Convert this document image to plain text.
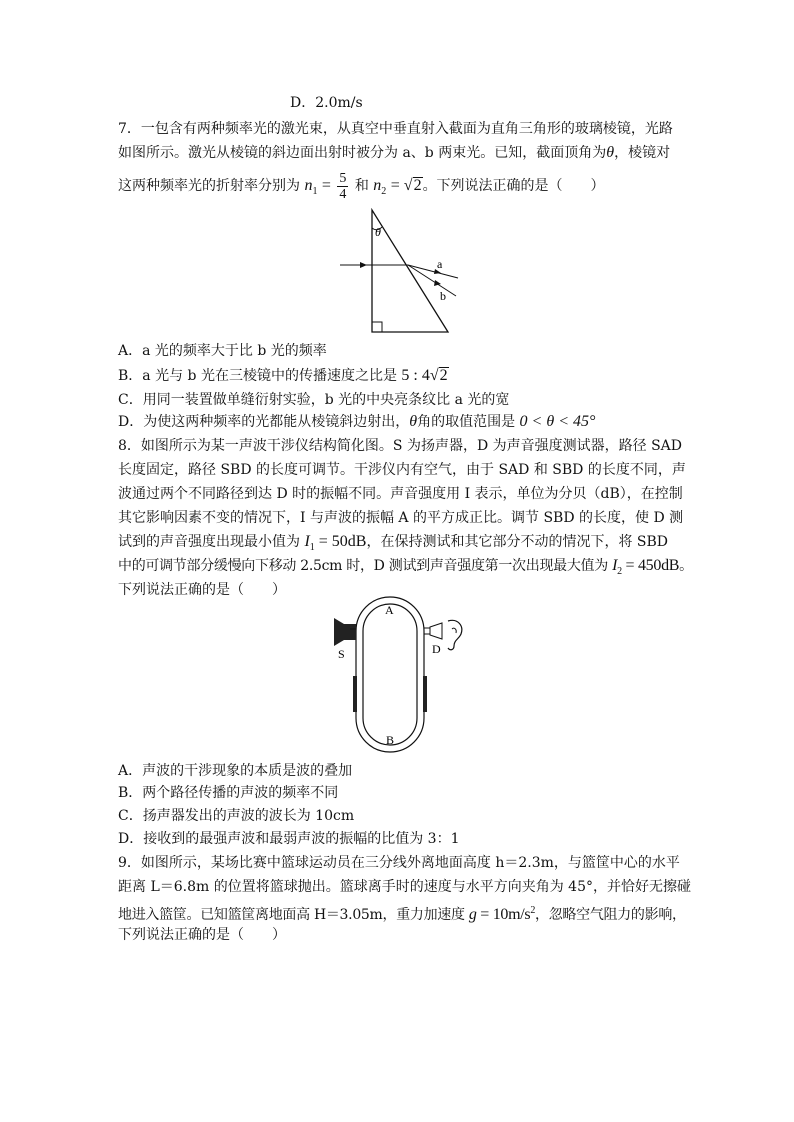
D．2.0m/s
7．一包含有两种频率光的激光束，从真空中垂直射入截面为直角三角形的玻璃棱镜，光路
如图所示。激光从棱镜的斜边面出射时被分为 a、b 两束光。已知，截面顶角为θ，棱镜对
这两种频率光的折射率分别为 $n_1 = \frac{5}{4}$ 和 $n_2 = √2$。下列说法正确的是（　　）
θ
a
b
A．a 光的频率大于比 b 光的频率
B．a 光与 b 光在三棱镜中的传播速度之比是 5 : 4√2
C．用同一装置做单缝衍射实验，b 光的中央亮条纹比 a 光的宽
D．为使这两种频率的光都能从棱镜斜边射出，θ角的取值范围是 0 < θ < 45°
8．如图所示为某一声波干涉仪结构简化图。S 为扬声器，D 为声音强度测试器，路径 SAD
长度固定，路径 SBD 的长度可调节。干涉仪内有空气，由于 SAD 和 SBD 的长度不同，声
波通过两个不同路径到达 D 时的振幅不同。声音强度用 I 表示，单位为分贝（dB），在控制
其它影响因素不变的情况下，I 与声波的振幅 A 的平方成正比。调节 SBD 的长度，使 D 测
试到的声音强度出现最小值为 $I_1 = 50dB$，在保持测试和其它部分不动的情况下，将 SBD
中的可调节部分缓慢向下移动 2.5cm 时，D 测试到声音强度第一次出现最大值为 $I_2 = 450dB$。
下列说法正确的是（　　）
A
B
S	D
A．声波的干涉现象的本质是波的叠加
B．两个路径传播的声波的频率不同
C．扬声器发出的声波的波长为 10cm
D．接收到的最强声波和最弱声波的振幅的比值为 3：1
9．如图所示，某场比赛中篮球运动员在三分线外离地面高度 h＝2.3m，与篮筐中心的水平
距离 L＝6.8m 的位置将篮球抛出。篮球离手时的速度与水平方向夹角为 45°，并恰好无擦碰
地进入篮筐。已知篮筐离地面高 H＝3.05m，重力加速度 $g = 10m/s^2$，忽略空气阻力的影响，
下列说法正确的是（　　）
